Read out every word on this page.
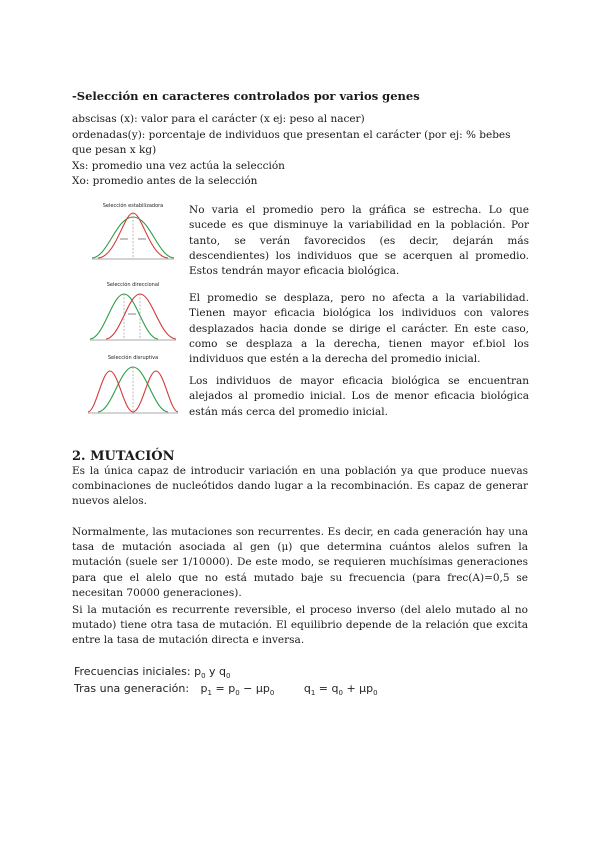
-Selección en caracteres controlados por varios genes
abscisas (x): valor para el carácter (x ej: peso al nacer)
ordenadas(y): porcentaje de individuos que presentan el carácter (por ej: % bebes que pesan x kg)
Xs: promedio una vez actúa la selección
Xo: promedio antes de la selección
Selección estabilizadora
Selección direccional
Selección disruptiva
No varia el promedio pero la gráfica se estrecha. Lo que sucede es que disminuye la variabilidad en la población. Por tanto, se verán favorecidos (es decir, dejarán más descendientes) los individuos que se acerquen al promedio. Estos tendrán mayor eficacia biológica.
El promedio se desplaza, pero no afecta a la variabilidad. Tienen mayor eficacia biológica los individuos con valores desplazados hacia donde se dirige el carácter. En este caso, como se desplaza a la derecha, tienen mayor ef.biol los individuos que estén a la derecha del promedio inicial.
Los individuos de mayor eficacia biológica se encuentran alejados al promedio inicial. Los de menor eficacia biológica están más cerca del promedio inicial.
2. MUTACIÓN
Es la única capaz de introducir variación en una población ya que produce nuevas combinaciones de nucleótidos dando lugar a la recombinación. Es capaz de generar nuevos alelos.
Normalmente, las mutaciones son recurrentes. Es decir, en cada generación hay una tasa de mutación asociada al gen (μ) que determina cuántos alelos sufren la mutación (suele ser 1/10000). De este modo, se requieren muchísimas generaciones para que el alelo que no está mutado baje su frecuencia (para frec(A)=0,5 se necesitan 70000 generaciones).
Si la mutación es recurrente reversible, el proceso inverso (del alelo mutado al no mutado) tiene otra tasa de mutación. El equilibrio depende de la relación que excita entre la tasa de mutación directa e inversa.
Frecuencias iniciales: $p_0$ y $q_0$
Tras una generación: $p_1 = p_0 - \mu p_0$	$q_1 = q_0 + \mu p_0$
